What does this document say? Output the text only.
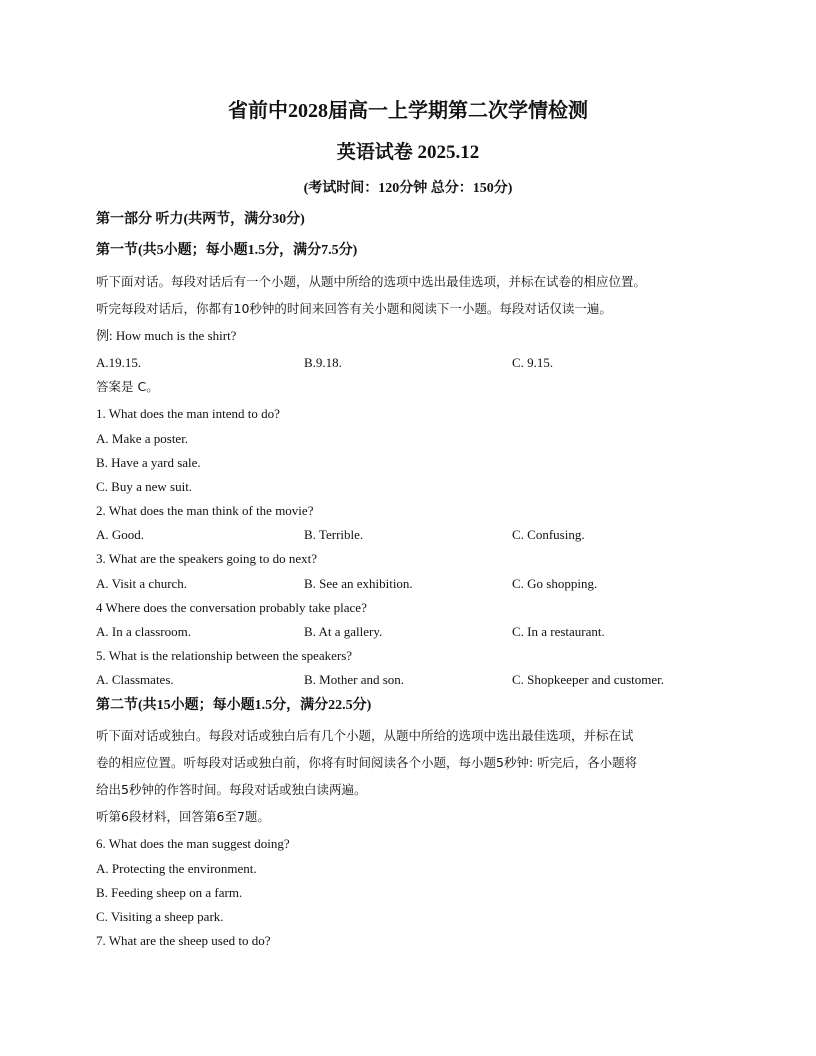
省前中2028届高一上学期第二次学情检测
英语试卷 2025.12
(考试时间：120分钟 总分：150分)
第一部分 听力(共两节，满分30分)
第一节(共5小题；每小题1.5分，满分7.5分)
听下面对话。每段对话后有一个小题，从题中所给的选项中选出最佳选项，并标在试卷的相应位置。
听完每段对话后，你都有10秒钟的时间来回答有关小题和阅读下一小题。每段对话仅读一遍。
例: How much is the shirt?
A.19.15.	B.9.18.	C. 9.15.
答案是 C。
1. What does the man intend to do?
A. Make a poster.
B. Have a yard sale.
C. Buy a new suit.
2. What does the man think of the movie?
A. Good.	B. Terrible.	C. Confusing.
3. What are the speakers going to do next?
A. Visit a church.	B. See an exhibition.	C. Go shopping.
4 Where does the conversation probably take place?
A. In a classroom.	B. At a gallery.	C. In a restaurant.
5. What is the relationship between the speakers?
A. Classmates.	B. Mother and son.	C. Shopkeeper and customer.
第二节(共15小题；每小题1.5分，满分22.5分)
听下面对话或独白。每段对话或独白后有几个小题，从题中所给的选项中选出最佳选项，并标在试
卷的相应位置。听每段对话或独白前，你将有时间阅读各个小题，每小题5秒钟: 听完后，各小题将
给出5秒钟的作答时间。每段对话或独白读两遍。
听第6段材料，回答第6至7题。
6. What does the man suggest doing?
A. Protecting the environment.
B. Feeding sheep on a farm.
C. Visiting a sheep park.
7. What are the sheep used to do?
